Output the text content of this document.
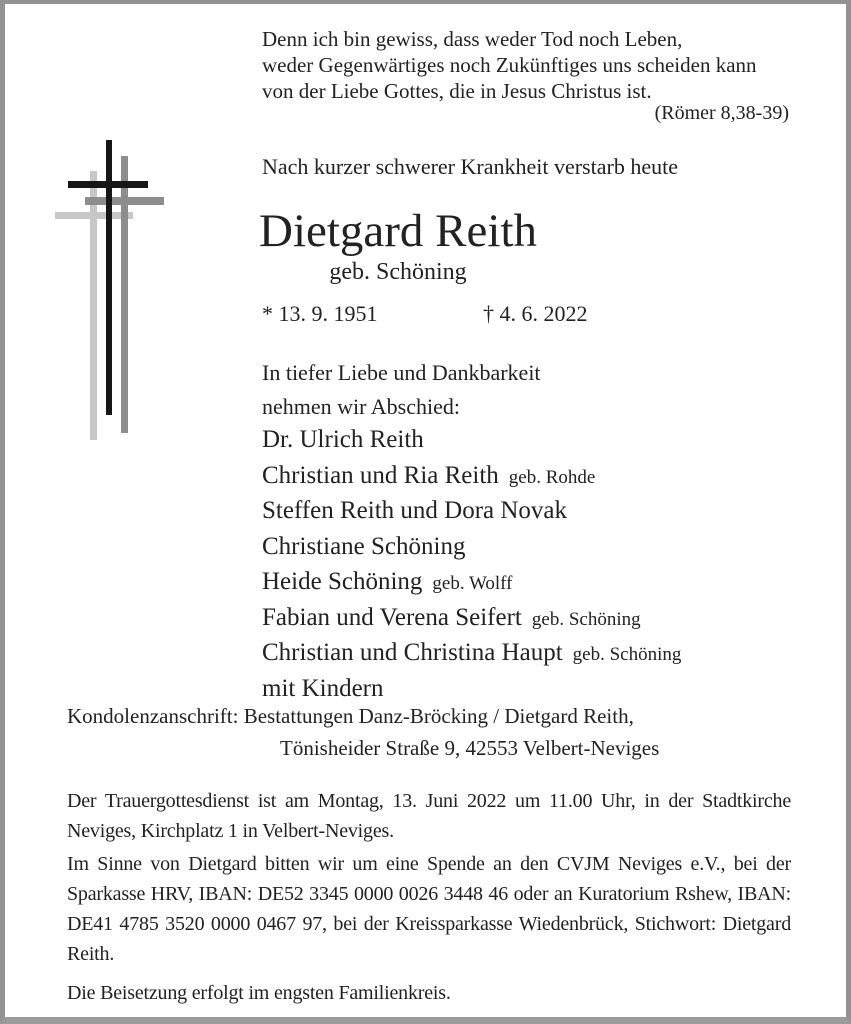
Denn ich bin gewiss, dass weder Tod noch Leben,
weder Gegenwärtiges noch Zukünftiges uns scheiden kann
von der Liebe Gottes, die in Jesus Christus ist.
(Römer 8,38-39)
Nach kurzer schwerer Krankheit verstarb heute
Dietgard Reith
geb. Schöning
* 13. 9. 1951	† 4. 6. 2022
In tiefer Liebe und Dankbarkeit
nehmen wir Abschied:
Dr. Ulrich Reith
Christian und Ria Reith geb. Rohde
Steffen Reith und Dora Novak
Christiane Schöning
Heide Schöning geb. Wolff
Fabian und Verena Seifert geb. Schöning
Christian und Christina Haupt geb. Schöning
mit Kindern
Kondolenzanschrift: Bestattungen Danz-Bröcking / Dietgard Reith,
Tönisheider Straße 9, 42553 Velbert-Neviges
Der Trauergottesdienst ist am Montag, 13. Juni 2022 um 11.00 Uhr, in der Stadtkirche Neviges, Kirchplatz 1 in Velbert-Neviges.
Im Sinne von Dietgard bitten wir um eine Spende an den CVJM Neviges e.V., bei der Sparkasse HRV, IBAN: DE52 3345 0000 0026 3448 46 oder an Kuratorium Rshew, IBAN: DE41 4785 3520 0000 0467 97, bei der Kreissparkasse Wiedenbrück, Stichwort: Dietgard Reith.
Die Beisetzung erfolgt im engsten Familienkreis.
